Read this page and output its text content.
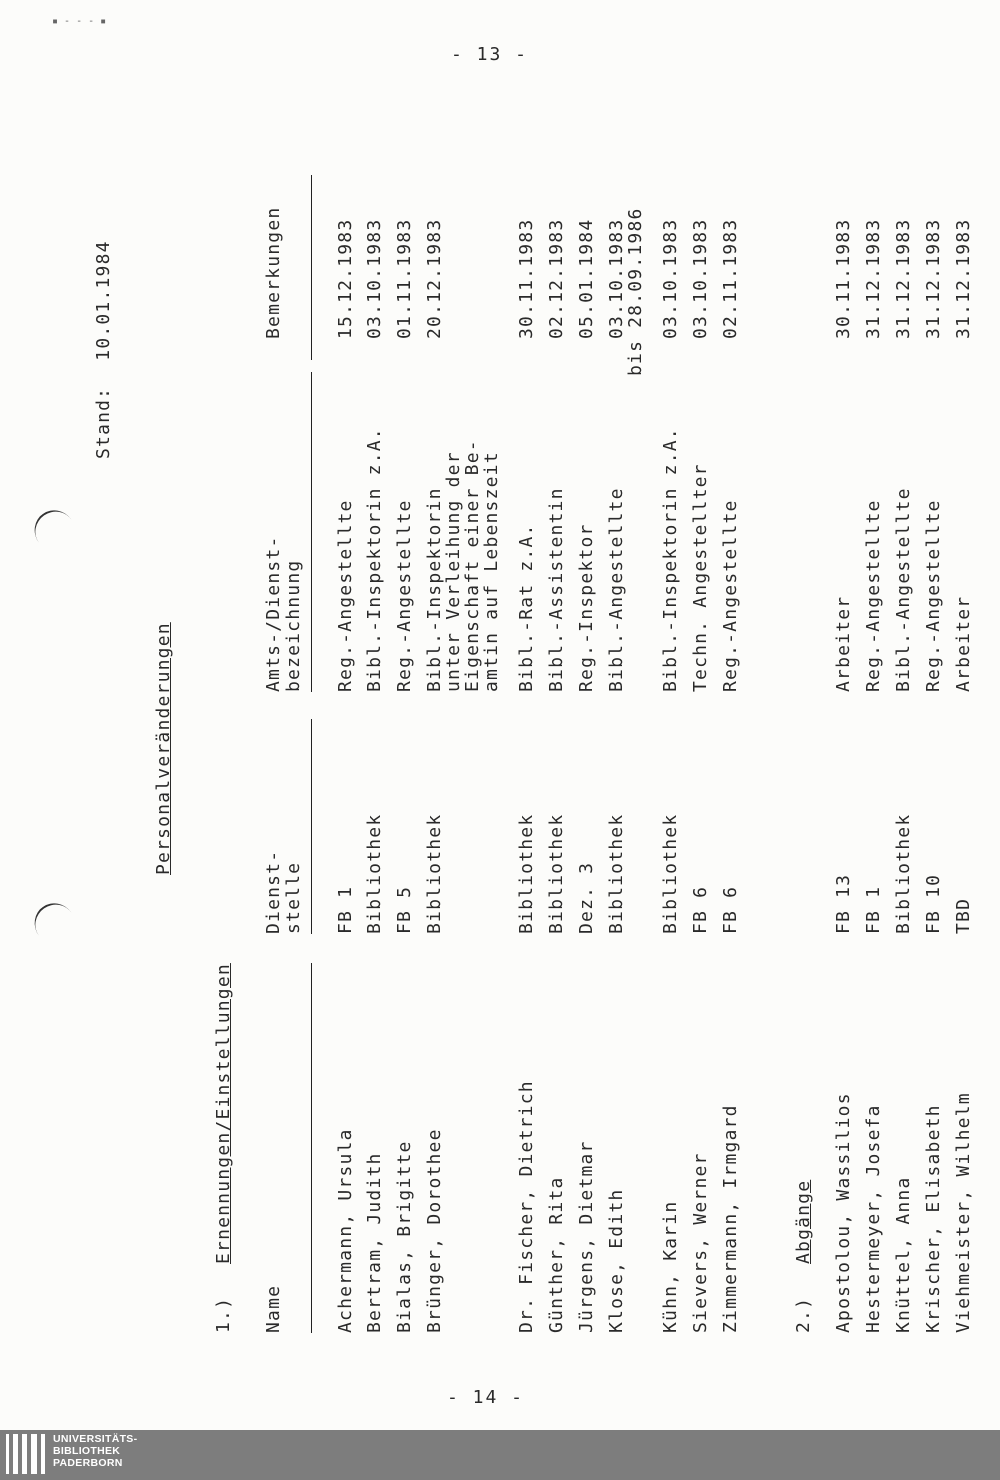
▪ ‐ ‐ ‐ ▪
- 13 -
- 14 -
Personalveränderungen
Stand: 10.01.1984
1.)
Ernennungen/Einstellungen
Name
Dienst- stelle
Amts-/Dienst- bezeichnung
Bemerkungen
Achermann, Ursula
FB 1
Reg.-Angestellte
15.12.1983
Bertram, Judith
Bibliothek
Bibl.-Inspektorin z.A.
03.10.1983
Bialas, Brigitte
FB 5
Reg.-Angestellte
01.11.1983
Brünger, Dorothee
Bibliothek
Bibl.-Inspektorin
unter Verleihung der
Eigenschaft einer Be-
amtin auf Lebenszeit
20.12.1983
Dr. Fischer, Dietrich
Bibliothek
Bibl.-Rat z.A.
30.11.1983
Günther, Rita
Bibliothek
Bibl.-Assistentin
02.12.1983
Jürgens, Dietmar
Dez. 3
Reg.-Inspektor
05.01.1984
Klose, Edith
Bibliothek
Bibl.-Angestellte
03.10.1983
bis 28.09.1986
Kühn, Karin
Bibliothek
Bibl.-Inspektorin z.A.
03.10.1983
Sievers, Werner
FB 6
Techn. Angestellter
03.10.1983
Zimmermann, Irmgard
FB 6
Reg.-Angestellte
02.11.1983
2.)
Abgänge Apostolou, Wassilios
FB 13
Arbeiter
30.11.1983
Hestermeyer, Josefa
FB 1
Reg.-Angestellte
31.12.1983
Knüttel, Anna
Bibliothek
Bibl.-Angestellte
31.12.1983
Krischer, Elisabeth
FB 10
Reg.-Angestellte
31.12.1983
Viehmeister, Wilhelm
TBD
Arbeiter
31.12.1983
UNIVERSITÄTS-
BIBLIOTHEK
PADERBORN
